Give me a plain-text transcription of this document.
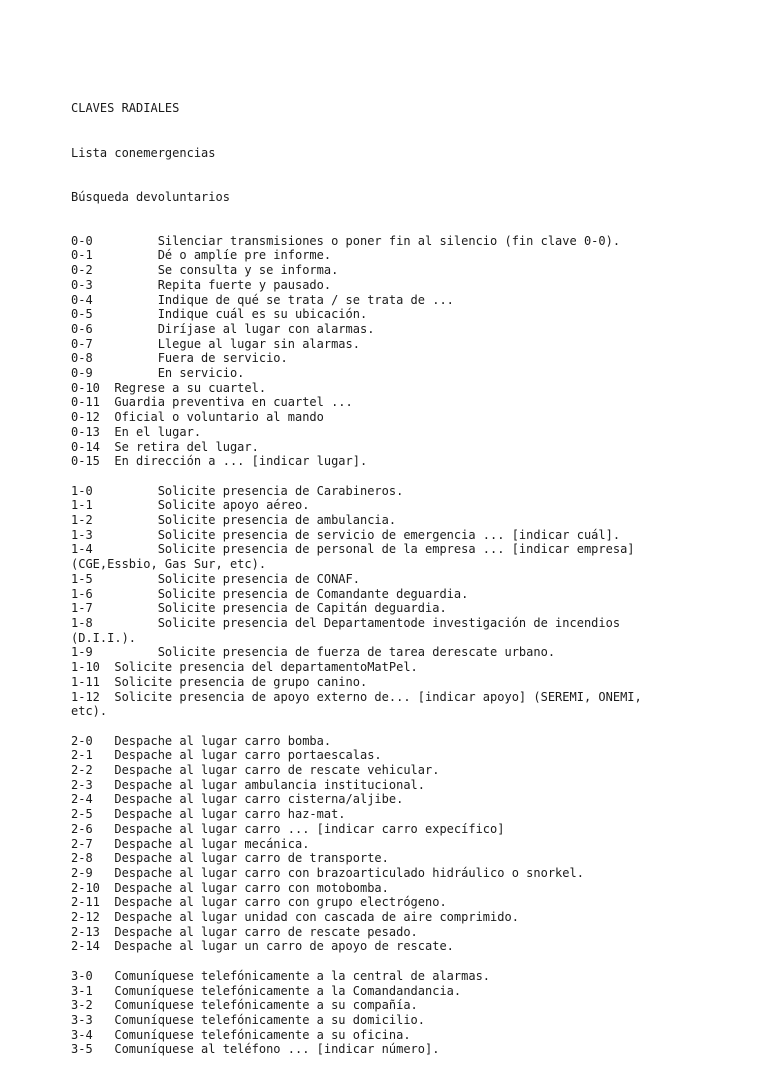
CLAVES RADIALES

Lista conemergencias

Búsqueda devoluntarios

0-0         Silenciar transmisiones o poner fin al silencio (fin clave 0-0).
0-1         Dé o amplíe pre informe.
0-2         Se consulta y se informa.
0-3         Repita fuerte y pausado.
0-4         Indique de qué se trata / se trata de ...
0-5         Indique cuál es su ubicación.
0-6         Diríjase al lugar con alarmas.
0-7         Llegue al lugar sin alarmas.
0-8         Fuera de servicio.
0-9         En servicio.
0-10  Regrese a su cuartel.
0-11  Guardia preventiva en cuartel ...
0-12  Oficial o voluntario al mando
0-13  En el lugar.
0-14  Se retira del lugar.
0-15  En dirección a ... [indicar lugar].
1-0         Solicite presencia de Carabineros.
1-1         Solicite apoyo aéreo.
1-2         Solicite presencia de ambulancia.
1-3         Solicite presencia de servicio de emergencia ... [indicar cuál].
1-4         Solicite presencia de personal de la empresa ... [indicar empresa]
(CGE,Essbio, Gas Sur, etc).
1-5         Solicite presencia de CONAF.
1-6         Solicite presencia de Comandante deguardia.
1-7         Solicite presencia de Capitán deguardia.
1-8         Solicite presencia del Departamentode investigación de incendios
(D.I.I.).
1-9         Solicite presencia de fuerza de tarea derescate urbano.
1-10  Solicite presencia del departamentoMatPel.
1-11  Solicite presencia de grupo canino.
1-12  Solicite presencia de apoyo externo de... [indicar apoyo] (SEREMI, ONEMI,
etc).
2-0   Despache al lugar carro bomba.
2-1   Despache al lugar carro portaescalas.
2-2   Despache al lugar carro de rescate vehicular.
2-3   Despache al lugar ambulancia institucional.
2-4   Despache al lugar carro cisterna/aljibe.
2-5   Despache al lugar carro haz-mat.
2-6   Despache al lugar carro ... [indicar carro expecífico]
2-7   Despache al lugar mecánica.
2-8   Despache al lugar carro de transporte.
2-9   Despache al lugar carro con brazoarticulado hidráulico o snorkel.
2-10  Despache al lugar carro con motobomba.
2-11  Despache al lugar carro con grupo electrógeno.
2-12  Despache al lugar unidad con cascada de aire comprimido.
2-13  Despache al lugar carro de rescate pesado.
2-14  Despache al lugar un carro de apoyo de rescate.
3-0   Comuníquese telefónicamente a la central de alarmas.
3-1   Comuníquese telefónicamente a la Comandandancia.
3-2   Comuníquese telefónicamente a su compañía.
3-3   Comuníquese telefónicamente a su domicilio.
3-4   Comuníquese telefónicamente a su oficina.
3-5   Comuníquese al teléfono ... [indicar número].
